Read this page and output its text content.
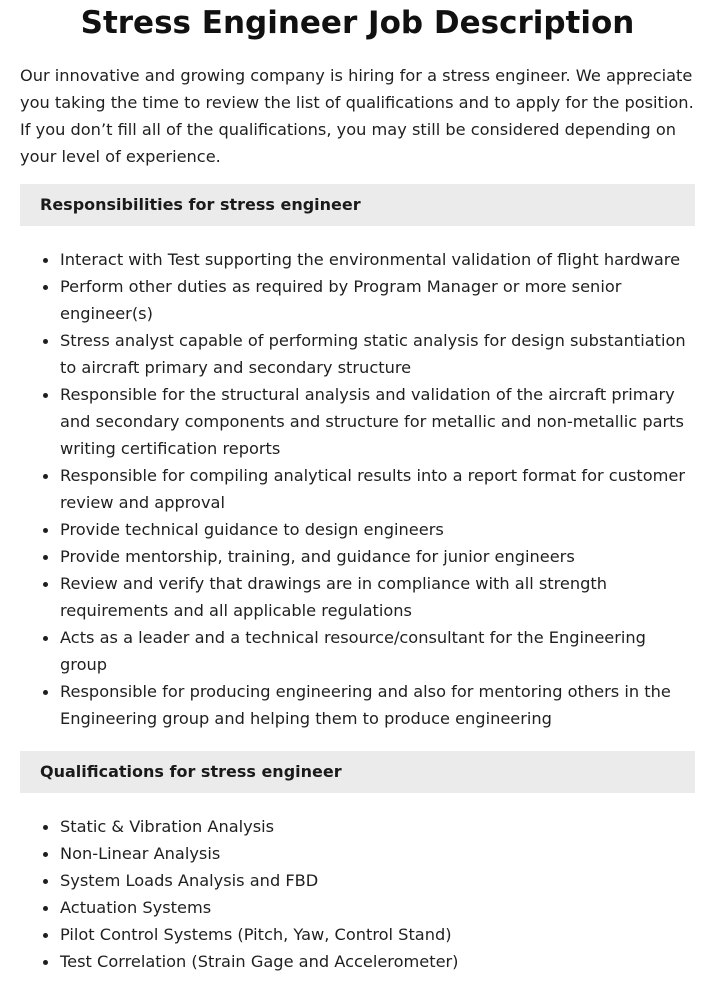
Stress Engineer Job Description

Our innovative and growing company is hiring for a stress engineer. We appreciate you taking the time to review the list of qualifications and to apply for the position. If you don’t fill all of the qualifications, you may still be considered depending on your level of experience.

Responsibilities for stress engineer
Interact with Test supporting the environmental validation of flight hardware
Perform other duties as required by Program Manager or more senior engineer(s)
Stress analyst capable of performing static analysis for design substantiation to aircraft primary and secondary structure
Responsible for the structural analysis and validation of the aircraft primary and secondary components and structure for metallic and non-metallic parts writing certification reports
Responsible for compiling analytical results into a report format for customer review and approval
Provide technical guidance to design engineers
Provide mentorship, training, and guidance for junior engineers
Review and verify that drawings are in compliance with all strength requirements and all applicable regulations
Acts as a leader and a technical resource/consultant for the Engineering group
Responsible for producing engineering and also for mentoring others in the Engineering group and helping them to produce engineering
Qualifications for stress engineer
Static & Vibration Analysis
Non-Linear Analysis
System Loads Analysis and FBD
Actuation Systems
Pilot Control Systems (Pitch, Yaw, Control Stand)
Test Correlation (Strain Gage and Accelerometer)
